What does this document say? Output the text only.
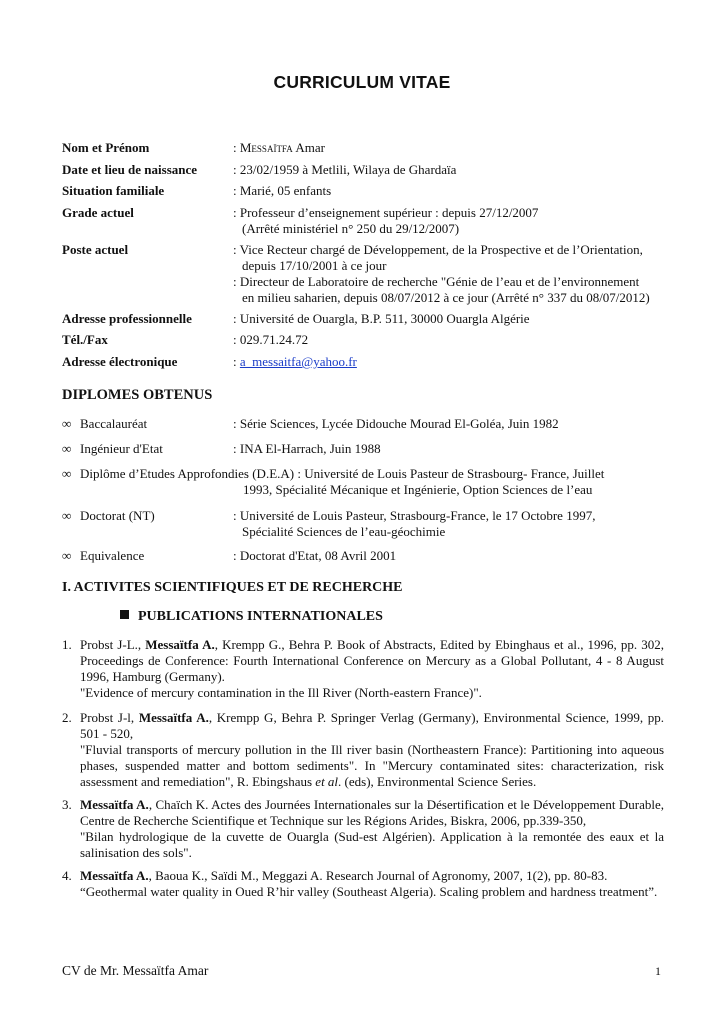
CURRICULUM VITAE
Nom et Prénom	: Messaïtfa Amar
Date et lieu de naissance	: 23/02/1959 à Metlili, Wilaya de Ghardaïa
Situation familiale	: Marié, 05 enfants
Grade actuel	: Professeur d’enseignement supérieur : depuis 27/12/2007
(Arrêté ministériel n° 250 du 29/12/2007)
Poste actuel	: Vice Recteur chargé de Développement, de la Prospective et de l’Orientation,
depuis 17/10/2001 à ce jour
: Directeur de Laboratoire de recherche "Génie de l’eau et de l’environnement
en milieu saharien, depuis 08/07/2012 à ce jour (Arrêté n° 337 du 08/07/2012)
Adresse professionnelle	: Université de Ouargla, B.P. 511, 30000 Ouargla Algérie
Tél./Fax	: 029.71.24.72
Adresse électronique	: a_messaitfa@yahoo.fr
DIPLOMES OBTENUS
∞ Baccalauréat	: Série Sciences, Lycée Didouche Mourad El-Goléa, Juin 1982
∞ Ingénieur d'Etat	: INA El-Harrach, Juin 1988
∞ Diplôme d’Etudes Approfondies (D.E.A) : Université de Louis Pasteur de Strasbourg- France, Juillet
1993, Spécialité Mécanique et Ingénierie, Option Sciences de l’eau
∞ Doctorat (NT)	: Université de Louis Pasteur, Strasbourg-France, le 17 Octobre 1997,
Spécialité Sciences de l’eau-géochimie
∞ Equivalence	: Doctorat d'Etat, 08 Avril 2001
I. ACTIVITES SCIENTIFIQUES ET DE RECHERCHE
PUBLICATIONS INTERNATIONALES
1. Probst J-L., Messaïtfa A., Krempp G., Behra P. Book of Abstracts, Edited by Ebinghaus et al., 1996, pp. 302, Proceedings de Conference: Fourth International Conference on Mercury as a Global Pollutant, 4 - 8 August 1996, Hamburg (Germany).
"Evidence of mercury contamination in the Ill River (North-eastern France)".
2. Probst J-l, Messaïtfa A., Krempp G, Behra P. Springer Verlag (Germany), Environmental Science, 1999, pp. 501 - 520,
"Fluvial transports of mercury pollution in the Ill river basin (Northeastern France): Partitioning into aqueous phases, suspended matter and bottom sediments". In "Mercury contaminated sites: characterization, risk assessment and remediation", R. Ebingshaus et al. (eds), Environmental Science Series.
3. Messaïtfa A., Chaïch K. Actes des Journées Internationales sur la Désertification et le Développement Durable, Centre de Recherche Scientifique et Technique sur les Régions Arides, Biskra, 2006, pp.339-350,
"Bilan hydrologique de la cuvette de Ouargla (Sud-est Algérien). Application à la remontée des eaux et la salinisation des sols".
4. Messaïtfa A., Baoua K., Saïdi M., Meggazi A. Research Journal of Agronomy, 2007, 1(2), pp. 80-83.
“Geothermal water quality in Oued R’hir valley (Southeast Algeria). Scaling problem and hardness treatment”.
CV de Mr. Messaïtfa Amar	1
